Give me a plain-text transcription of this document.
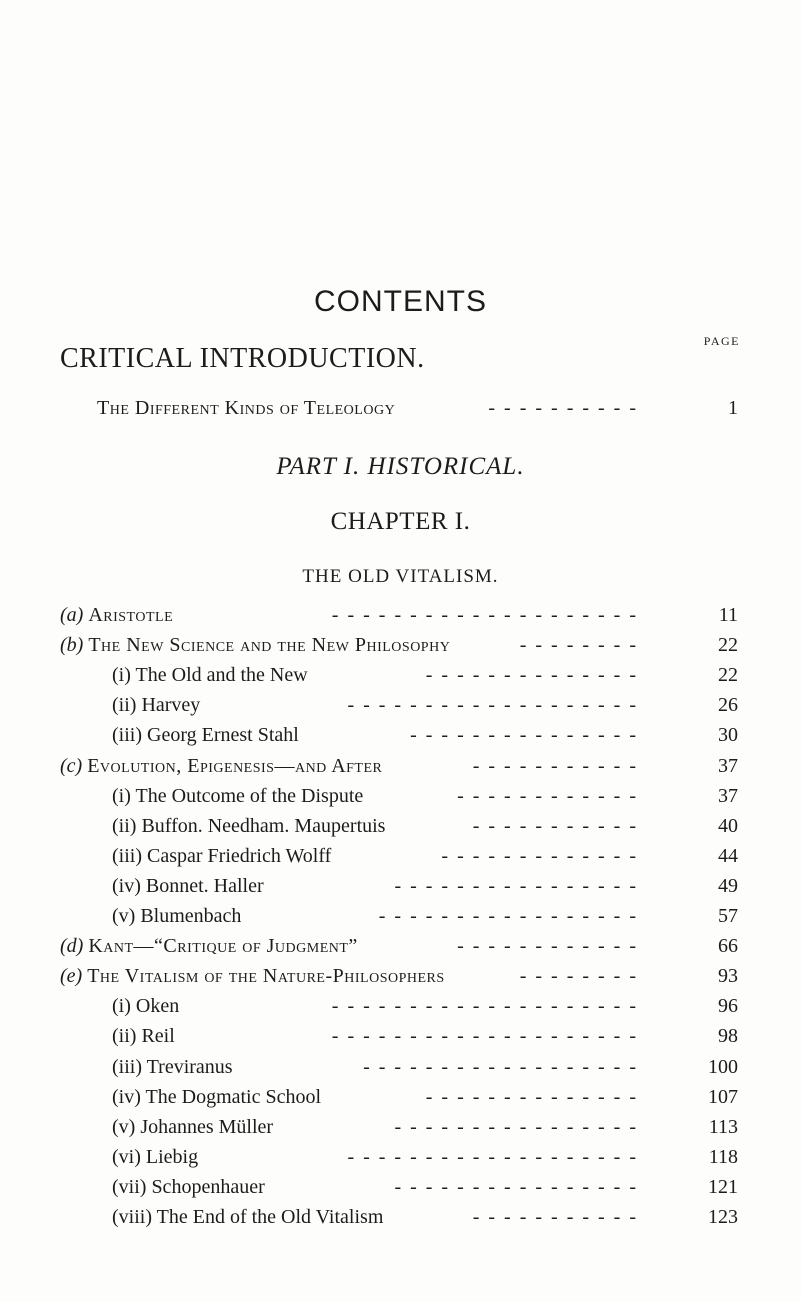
CONTENTS
PAGE
CRITICAL INTRODUCTION.
The Different Kinds of Teleology	1
----------
PART I. HISTORICAL.
CHAPTER I.
THE OLD VITALISM.
(a) Aristotle	11
--------------------
(b) The New Science and the New Philosophy	22
--------
(i) The Old and the New	22
--------------
(ii) Harvey	26
-------------------
(iii) Georg Ernest Stahl	30
---------------
(c) Evolution, Epigenesis—and After	37
-----------
(i) The Outcome of the Dispute	37
------------
(ii) Buffon. Needham. Maupertuis	40
-----------
(iii) Caspar Friedrich Wolff	44
-------------
(iv) Bonnet. Haller	49
----------------
(v) Blumenbach	57
-----------------
(d) Kant—“Critique of Judgment”	66
------------
(e) The Vitalism of the Nature-Philosophers	93
--------
(i) Oken	96
--------------------
(ii) Reil	98
--------------------
(iii) Treviranus	100
------------------
(iv) The Dogmatic School	107
--------------
(v) Johannes Müller	113
----------------
(vi) Liebig	118
-------------------
(vii) Schopenhauer	121
----------------
(viii) The End of the Old Vitalism	123
-----------
